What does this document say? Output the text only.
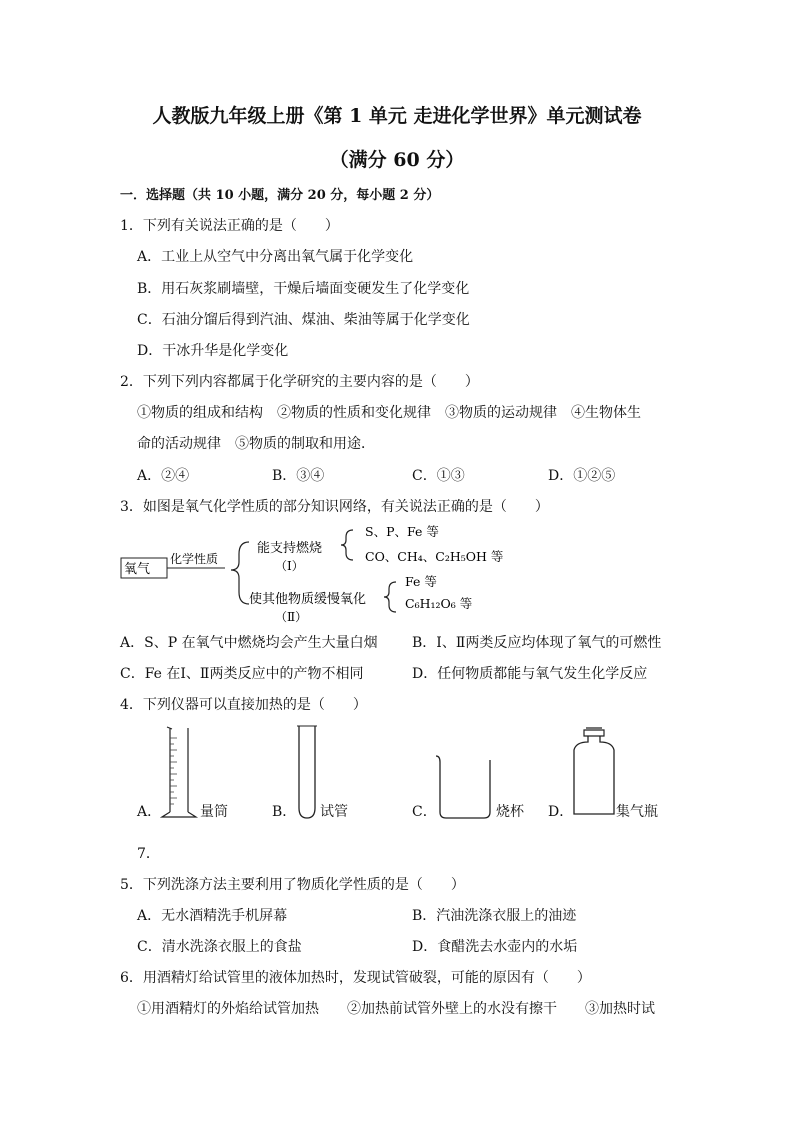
人教版九年级上册《第 1 单元 走进化学世界》单元测试卷
（满分 60 分）
一．选择题（共 10 小题，满分 20 分，每小题 2 分）
1．下列有关说法正确的是（　　）
A．工业上从空气中分离出氧气属于化学变化
B．用石灰浆刷墙壁，干燥后墙面变硬发生了化学变化
C．石油分馏后得到汽油、煤油、柴油等属于化学变化
D．干冰升华是化学变化
2．下列下列内容都属于化学研究的主要内容的是（　　）
①物质的组成和结构　②物质的性质和变化规律　③物质的运动规律　④生物体生
命的活动规律　⑤物质的制取和用途．
A．②④	B．③④	C．①③	D．①②⑤
3．如图是氧气化学性质的部分知识网络，有关说法正确的是（　　）
氧气
化学性质
能支持燃烧
（Ⅰ）
S、P、Fe 等
CO、CH₄、C₂H₅OH 等
使其他物质缓慢氧化
（Ⅱ）
Fe 等
C₆H₁₂O₆ 等
A．S、P 在氧气中燃烧均会产生大量白烟 B．Ⅰ、Ⅱ两类反应均体现了氧气的可燃性
C．Fe 在Ⅰ、Ⅱ两类反应中的产物不相同	D．任何物质都能与氧气发生化学反应
4．下列仪器可以直接加热的是（　　）
A．	量筒	B． 试管	C．	烧杯 D．	集气瓶
7．
5．下列洗涤方法主要利用了物质化学性质的是（　　）
A．无水酒精洗手机屏幕	B．汽油洗涤衣服上的油迹
C．清水洗涤衣服上的食盐	D．食醋洗去水壶内的水垢
6．用酒精灯给试管里的液体加热时，发现试管破裂，可能的原因有（　　）
①用酒精灯的外焰给试管加热　　②加热前试管外壁上的水没有擦干　　③加热时试
